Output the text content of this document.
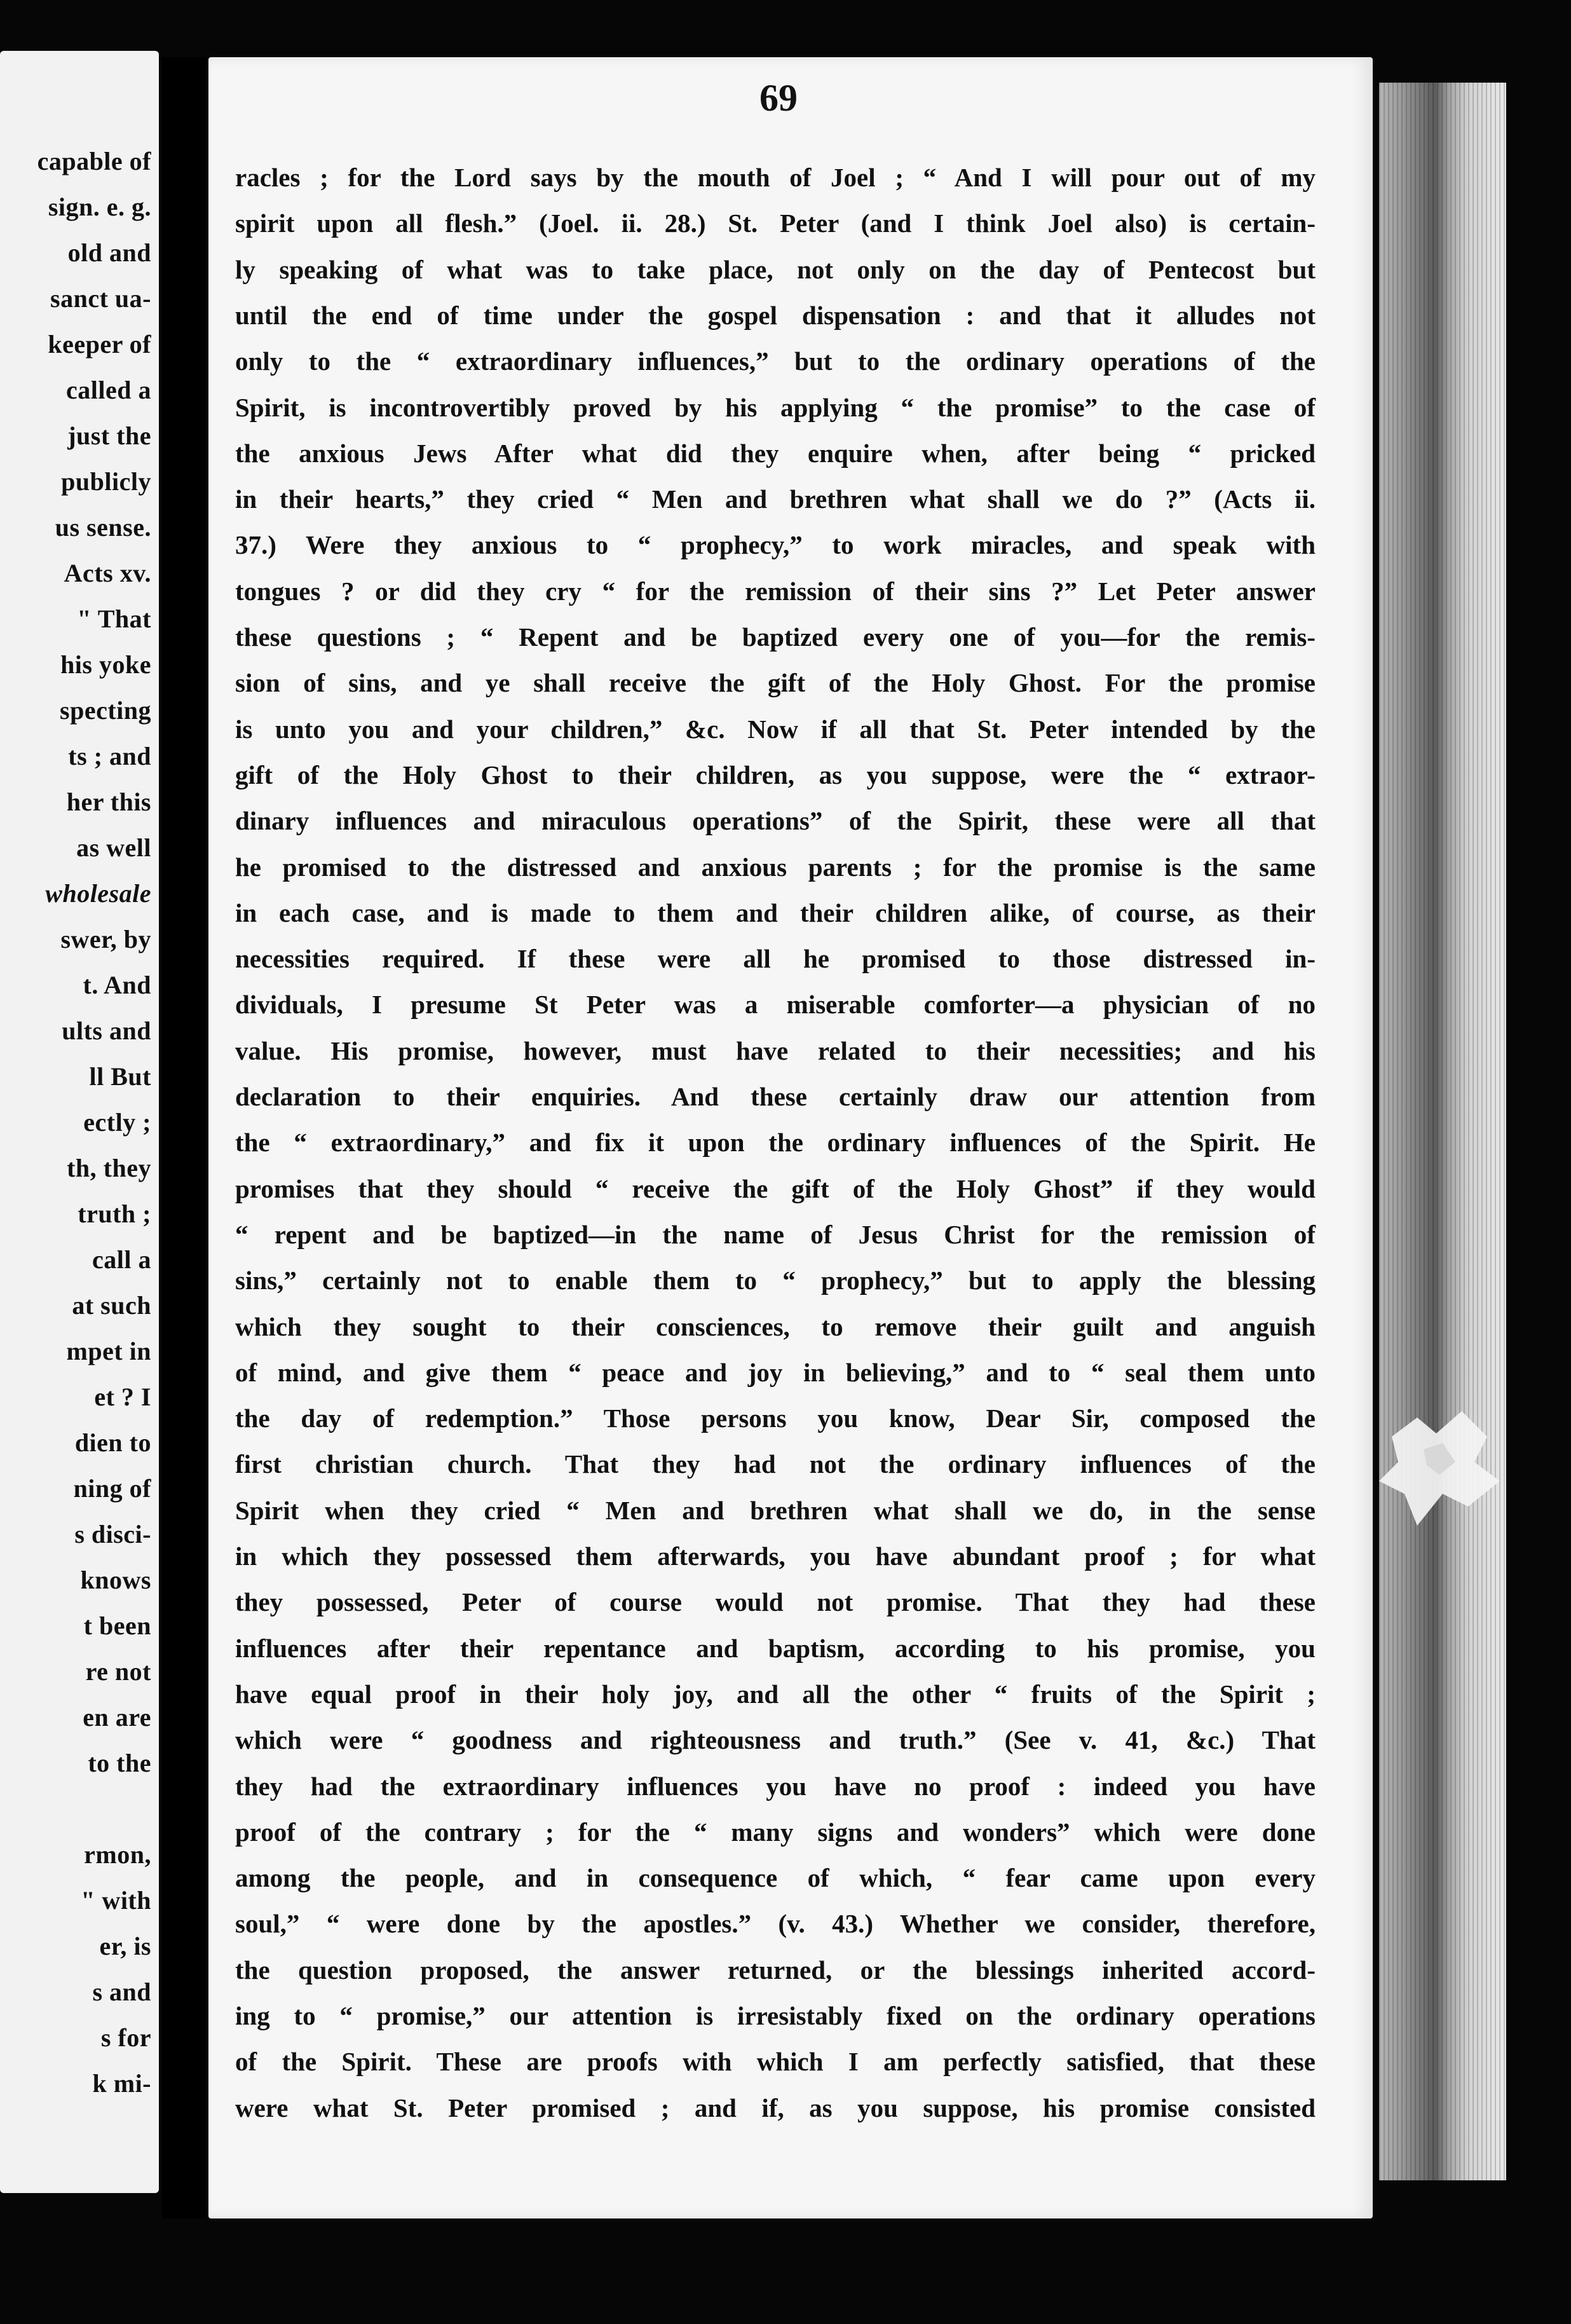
capable of
sign. e. g.
old and
sanct ua-
keeper of
called a
just the
publicly
us sense.
Acts xv.
" That
his yoke
specting
ts ; and
her this
as well
wholesale
swer, by
t. And
ults and
ll But
ectly ;
th, they
truth ;
call a
at such
mpet in
et ? I
dien to
ning of
s disci-
knows
t been
re not
en are
to the
rmon,
" with
er, is
s and
s for
k mi-
69
racles ; for the Lord says by the mouth of Joel ; “ And I will pour out of my
spirit upon all flesh.” (Joel. ii. 28.) St. Peter (and I think Joel also) is certain-
ly speaking of what was to take place, not only on the day of Pentecost but
until the end of time under the gospel dispensation : and that it alludes not
only to the “ extraordinary influences,” but to the ordinary operations of the
Spirit, is incontrovertibly proved by his applying “ the promise” to the case of
the anxious Jews After what did they enquire when, after being “ pricked
in their hearts,” they cried “ Men and brethren what shall we do ?” (Acts ii.
37.) Were they anxious to “ prophecy,” to work miracles, and speak with
tongues ? or did they cry “ for the remission of their sins ?” Let Peter answer
these questions ; “ Repent and be baptized every one of you—for the remis-
sion of sins, and ye shall receive the gift of the Holy Ghost. For the promise
is unto you and your children,” &c. Now if all that St. Peter intended by the
gift of the Holy Ghost to their children, as you suppose, were the “ extraor-
dinary influences and miraculous operations” of the Spirit, these were all that
he promised to the distressed and anxious parents ; for the promise is the same
in each case, and is made to them and their children alike, of course, as their
necessities required. If these were all he promised to those distressed in-
dividuals, I presume St Peter was a miserable comforter—a physician of no
value. His promise, however, must have related to their necessities; and his
declaration to their enquiries. And these certainly draw our attention from
the “ extraordinary,” and fix it upon the ordinary influences of the Spirit. He
promises that they should “ receive the gift of the Holy Ghost” if they would
“ repent and be baptized—in the name of Jesus Christ for the remission of
sins,” certainly not to enable them to “ prophecy,” but to apply the blessing
which they sought to their consciences, to remove their guilt and anguish
of mind, and give them “ peace and joy in believing,” and to “ seal them unto
the day of redemption.” Those persons you know, Dear Sir, composed the
first christian church. That they had not the ordinary influences of the
Spirit when they cried “ Men and brethren what shall we do, in the sense
in which they possessed them afterwards, you have abundant proof ; for what
they possessed, Peter of course would not promise. That they had these
influences after their repentance and baptism, according to his promise, you
have equal proof in their holy joy, and all the other “ fruits of the Spirit ;
which were “ goodness and righteousness and truth.” (See v. 41, &c.) That
they had the extraordinary influences you have no proof : indeed you have
proof of the contrary ; for the “ many signs and wonders” which were done
among the people, and in consequence of which, “ fear came upon every
soul,” “ were done by the apostles.” (v. 43.) Whether we consider, therefore,
the question proposed, the answer returned, or the blessings inherited accord-
ing to “ promise,” our attention is irresistably fixed on the ordinary operations
of the Spirit. These are proofs with which I am perfectly satisfied, that these
were what St. Peter promised ; and if, as you suppose, his promise consisted
